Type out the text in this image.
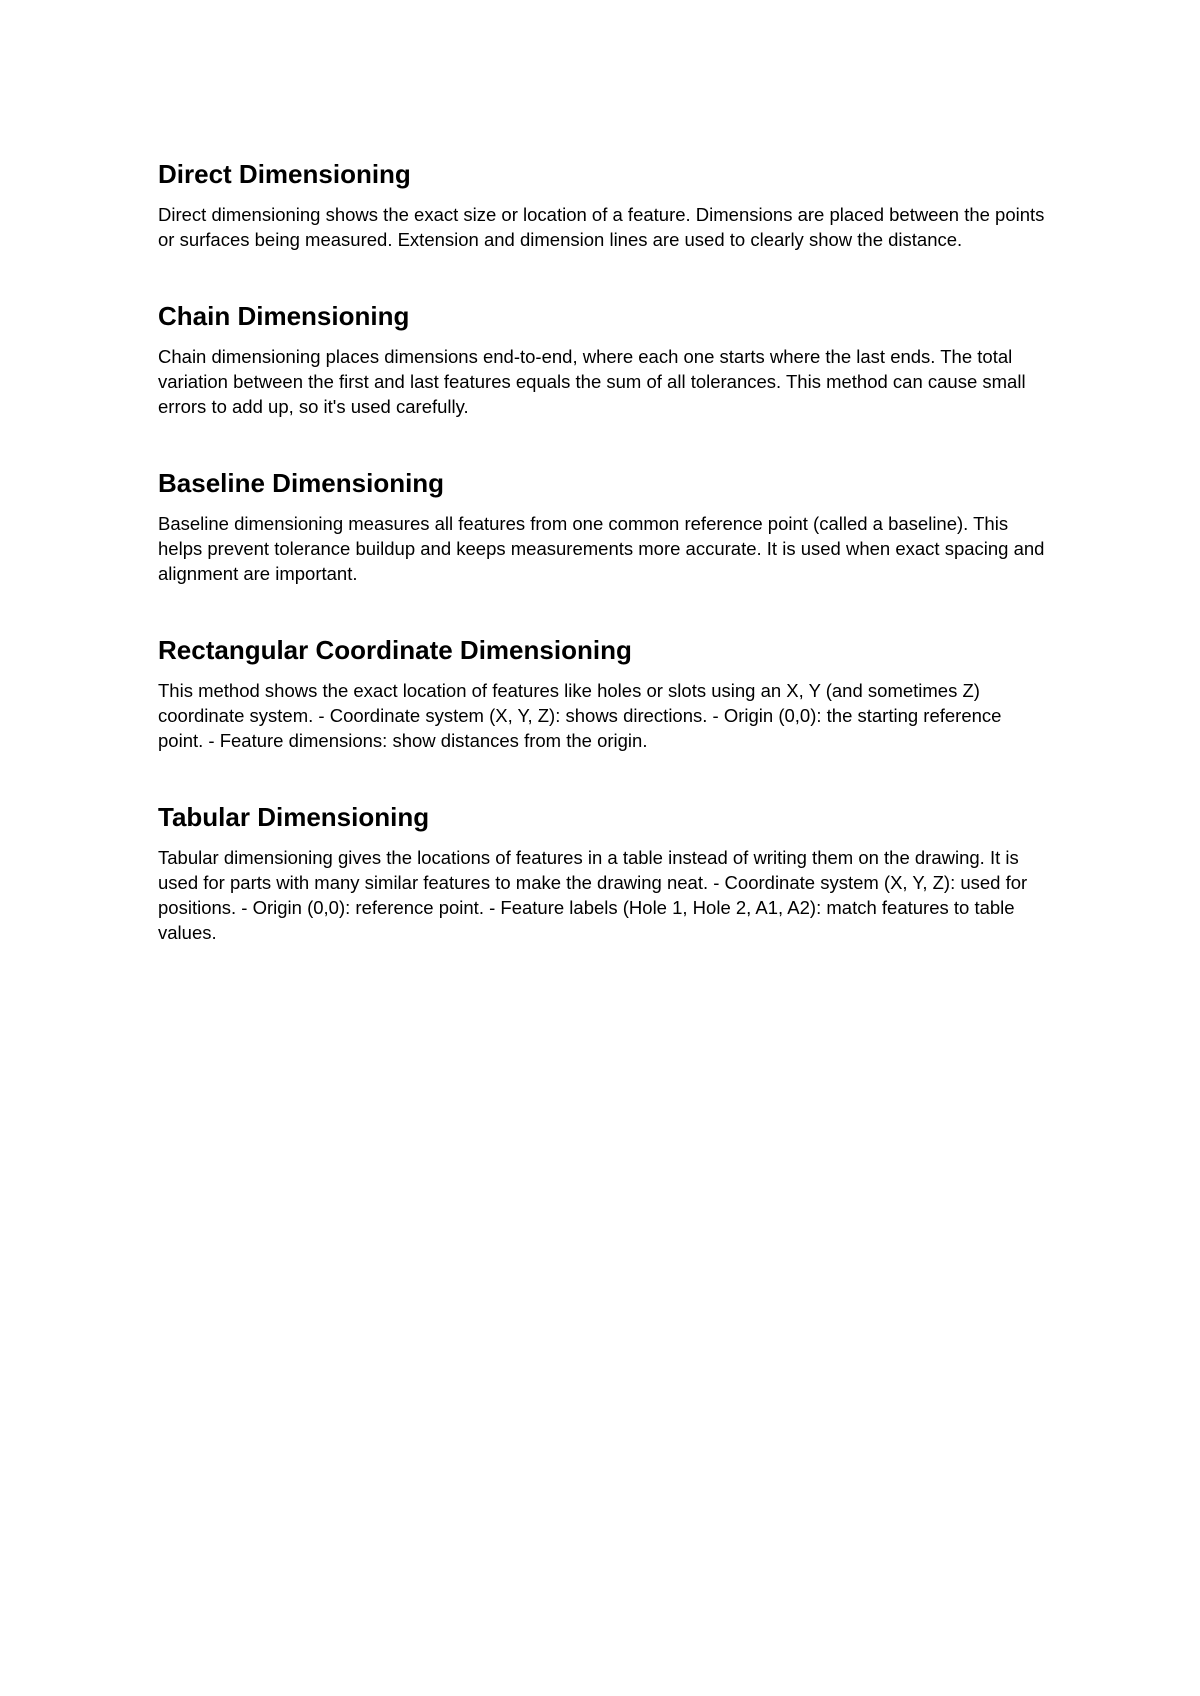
Direct Dimensioning

Direct dimensioning shows the exact size or location of a feature. Dimensions are placed between the points or surfaces being measured. Extension and dimension lines are used to clearly show the distance.

Chain Dimensioning

Chain dimensioning places dimensions end-to-end, where each one starts where the last ends. The total variation between the first and last features equals the sum of all tolerances. This method can cause small errors to add up, so it's used carefully.

Baseline Dimensioning

Baseline dimensioning measures all features from one common reference point (called a baseline). This helps prevent tolerance buildup and keeps measurements more accurate. It is used when exact spacing and alignment are important.

Rectangular Coordinate Dimensioning

This method shows the exact location of features like holes or slots using an X, Y (and sometimes Z) coordinate system. - Coordinate system (X, Y, Z): shows directions. - Origin (0,0): the starting reference point. - Feature dimensions: show distances from the origin.

Tabular Dimensioning

Tabular dimensioning gives the locations of features in a table instead of writing them on the drawing. It is used for parts with many similar features to make the drawing neat. - Coordinate system (X, Y, Z): used for positions. - Origin (0,0): reference point. - Feature labels (Hole 1, Hole 2, A1, A2): match features to table values.
